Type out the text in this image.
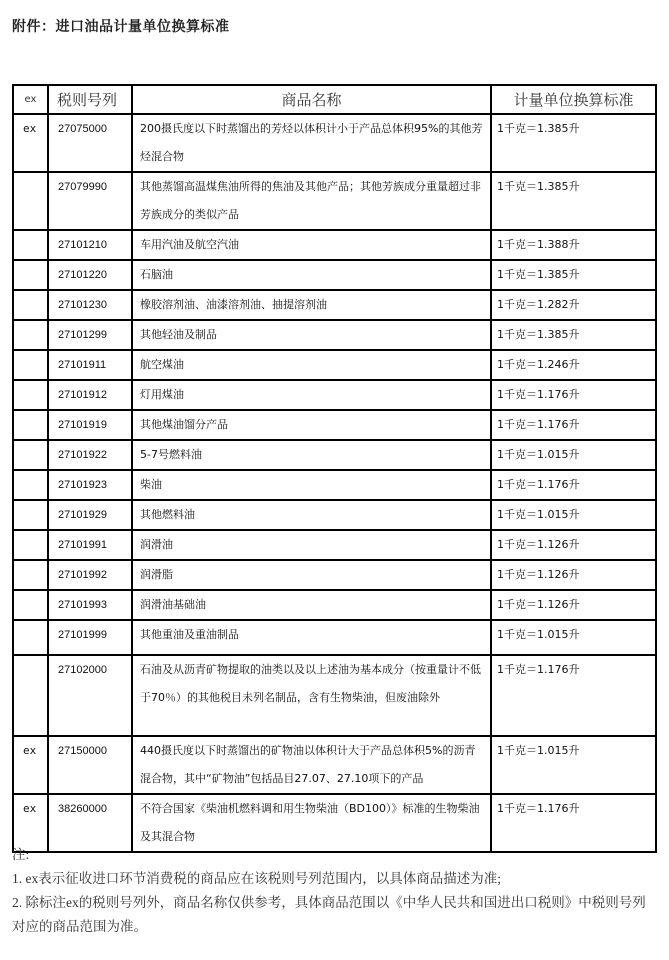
附件：进口油品计量单位换算标准
ex	税则号列	商品名称	计量单位换算标准
ex	27075000	200摄氏度以下时蒸馏出的芳烃以体积计小于产品总体积95%的其他芳烃混合物	1千克＝1.385升
	27079990	其他蒸馏高温煤焦油所得的焦油及其他产品；其他芳族成分重量超过非芳族成分的类似产品	1千克＝1.385升
	27101210	车用汽油及航空汽油	1千克＝1.388升
	27101220	石脑油	1千克＝1.385升
	27101230	橡胶溶剂油、油漆溶剂油、抽提溶剂油	1千克＝1.282升
	27101299	其他轻油及制品	1千克＝1.385升
	27101911	航空煤油	1千克＝1.246升
	27101912	灯用煤油	1千克＝1.176升
	27101919	其他煤油馏分产品	1千克＝1.176升
	27101922	5-7号燃料油	1千克＝1.015升
	27101923	柴油	1千克＝1.176升
	27101929	其他燃料油	1千克＝1.015升
	27101991	润滑油	1千克＝1.126升
	27101992	润滑脂	1千克＝1.126升
	27101993	润滑油基础油	1千克＝1.126升
	27101999	其他重油及重油制品	1千克＝1.015升
	27102000	石油及从沥青矿物提取的油类以及以上述油为基本成分（按重量计不低于70％）的其他税目未列名制品，含有生物柴油，但废油除外	1千克＝1.176升
ex	27150000	440摄氏度以下时蒸馏出的矿物油以体积计大于产品总体积5%的沥青混合物，其中“矿物油”包括品目27.07、27.10项下的产品	1千克＝1.015升
ex	38260000	不符合国家《柴油机燃料调和用生物柴油（BD100）》标准的生物柴油及其混合物	1千克＝1.176升

注:

1. ex表示征收进口环节消费税的商品应在该税则号列范围内，以具体商品描述为准;

2. 除标注ex的税则号列外，商品名称仅供参考，具体商品范围以《中华人民共和国进出口税则》中税则号列对应的商品范围为准。
